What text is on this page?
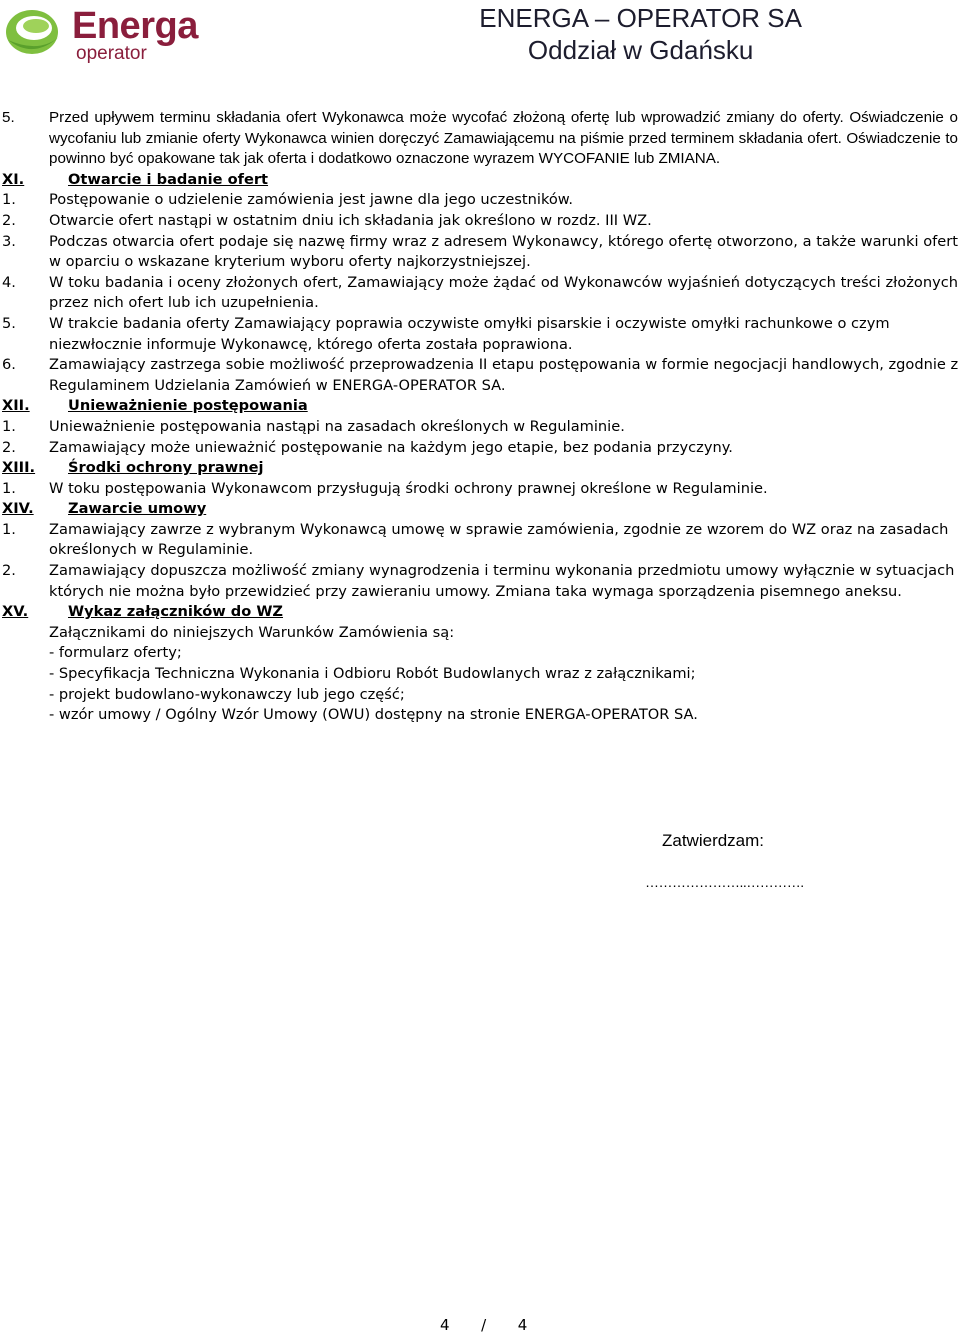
Energa
operator
ENERGA – OPERATOR SA
Oddział w Gdańsku
5. Przed upływem terminu składania ofert Wykonawca może wycofać złożoną ofertę lub wprowadzić zmiany do oferty. Oświadczenie o wycofaniu lub zmianie oferty Wykonawca winien doręczyć Zamawiającemu na piśmie przed terminem składania ofert. Oświadczenie to powinno być opakowane tak jak oferta i dodatkowo oznaczone wyrazem WYCOFANIE lub ZMIANA.

XI.	Otwarcie i badanie ofert
1. Postępowanie o udzielenie zamówienia jest jawne dla jego uczestników.

2. Otwarcie ofert nastąpi w ostatnim dniu ich składania jak określono w rozdz. III WZ.

3. Podczas otwarcia ofert podaje się nazwę firmy wraz z adresem Wykonawcy, którego ofertę otworzono, a także warunki ofert w oparciu o wskazane kryterium wyboru oferty najkorzystniejszej.

4. W toku badania i oceny złożonych ofert, Zamawiający może żądać od Wykonawców wyjaśnień dotyczących treści złożonych przez nich ofert lub ich uzupełnienia.

5. W trakcie badania oferty Zamawiający poprawia oczywiste omyłki pisarskie i oczywiste omyłki rachunkowe o czym niezwłocznie informuje Wykonawcę, którego oferta została poprawiona.

6. Zamawiający zastrzega sobie możliwość przeprowadzenia II etapu postępowania w formie negocjacji handlowych, zgodnie z Regulaminem Udzielania Zamówień w ENERGA-OPERATOR SA.

XII.	Unieważnienie postępowania
1. Unieważnienie postępowania nastąpi na zasadach określonych w Regulaminie.

2. Zamawiający może unieważnić postępowanie na każdym jego etapie, bez podania przyczyny.

XIII. Środki ochrony prawnej
1. W toku postępowania Wykonawcom przysługują środki ochrony prawnej określone w Regulaminie.

XIV. Zawarcie umowy
1. Zamawiający zawrze z wybranym Wykonawcą umowę w sprawie zamówienia, zgodnie ze wzorem do WZ oraz na zasadach określonych w Regulaminie.

2. Zamawiający dopuszcza możliwość zmiany wynagrodzenia i terminu wykonania przedmiotu umowy wyłącznie w sytuacjach których nie można było przewidzieć przy zawieraniu umowy. Zmiana taka wymaga sporządzenia pisemnego aneksu.

XV.	Wykaz załączników do WZ
Załącznikami do niniejszych Warunków Zamówienia są:
- formularz oferty;
- Specyfikacja Techniczna Wykonania i Odbioru Robót Budowlanych wraz z załącznikami;
- projekt budowlano-wykonawczy lub jego część;
- wzór umowy / Ogólny Wzór Umowy (OWU) dostępny na stronie ENERGA-OPERATOR SA.
Zatwierdzam:
…………………..………….
4 / 4
